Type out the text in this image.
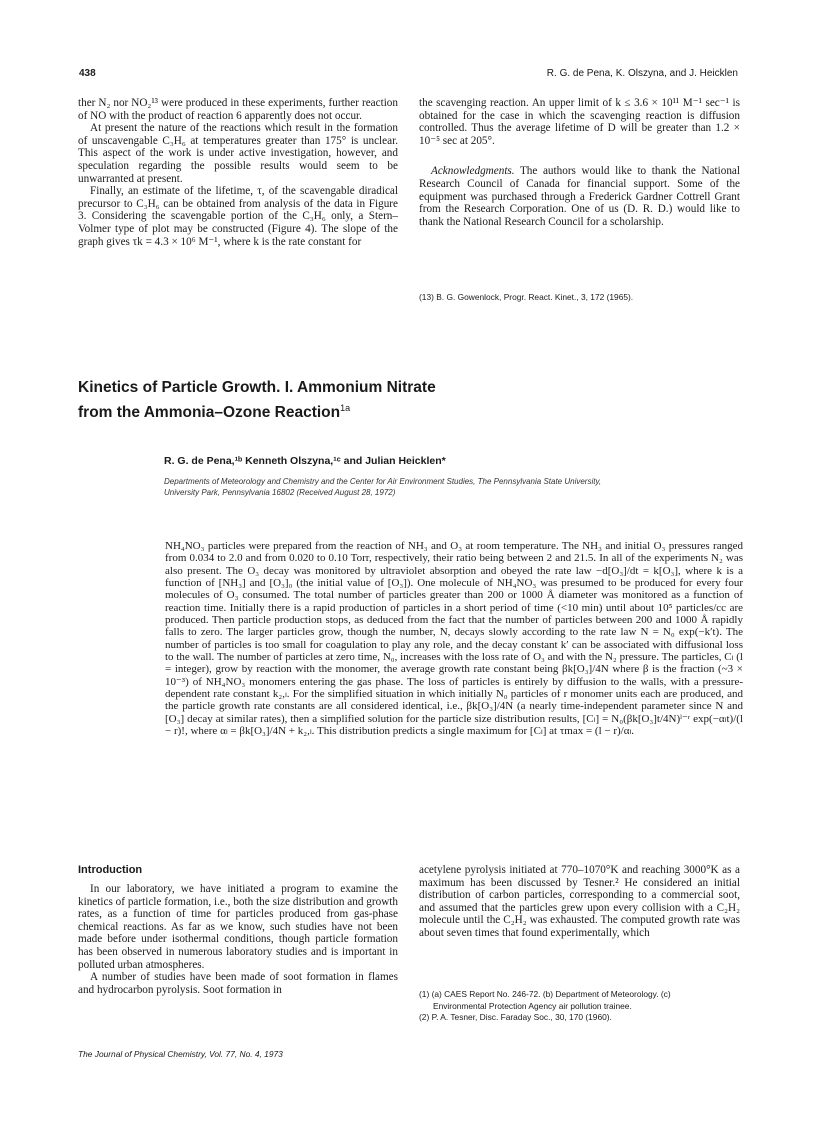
438	R. G. de Pena, K. Olszyna, and J. Heicklen

ther N₂ nor NO₂¹³ were produced in these experiments, further reaction of NO with the product of reaction 6 apparently does not occur.

At present the nature of the reactions which result in the formation of unscavengable C₃H₆ at temperatures greater than 175° is unclear. This aspect of the work is under active investigation, however, and speculation regarding the possible results would seem to be unwarranted at present.

Finally, an estimate of the lifetime, τ, of the scavengable diradical precursor to C₃H₆ can be obtained from analysis of the data in Figure 3. Considering the scavengable portion of the C₃H₆ only, a Stern–Volmer type of plot may be constructed (Figure 4). The slope of the graph gives τk = 4.3 × 10⁶ M⁻¹, where k is the rate constant for

the scavenging reaction. An upper limit of k ≤ 3.6 × 10¹¹ M⁻¹ sec⁻¹ is obtained for the case in which the scavenging reaction is diffusion controlled. Thus the average lifetime of D will be greater than 1.2 × 10⁻⁵ sec at 205°.

Acknowledgments. The authors would like to thank the National Research Council of Canada for financial support. Some of the equipment was purchased through a Frederick Gardner Cottrell Grant from the Research Corporation. One of us (D. R. D.) would like to thank the National Research Council for a scholarship.

(13) B. G. Gowenlock, Progr. React. Kinet., 3, 172 (1965).
Kinetics of Particle Growth. I. Ammonium Nitrate
from the Ammonia–Ozone Reaction$^{1a}$
R. G. de Pena,¹ᵇ Kenneth Olszyna,¹ᶜ and Julian Heicklen*
Departments of Meteorology and Chemistry and the Center for Air Environment Studies, The Pennsylvania State University,
University Park, Pennsylvania 16802 (Received August 28, 1972)

NH₄NO₃ particles were prepared from the reaction of NH₃ and O₃ at room temperature. The NH₃ and initial O₃ pressures ranged from 0.034 to 2.0 and from 0.020 to 0.10 Torr, respectively, their ratio being between 2 and 21.5. In all of the experiments N₂ was also present. The O₃ decay was monitored by ultraviolet absorption and obeyed the rate law −d[O₃]/dt = k[O₃], where k is a function of [NH₃] and [O₃]₀ (the initial value of [O₃]). One molecule of NH₄NO₃ was presumed to be produced for every four molecules of O₃ consumed. The total number of particles greater than 200 or 1000 Å diameter was monitored as a function of reaction time. Initially there is a rapid production of particles in a short period of time (<10 min) until about 10⁵ particles/cc are produced. Then particle production stops, as deduced from the fact that the number of particles between 200 and 1000 Å rapidly falls to zero. The larger particles grow, though the number, N, decays slowly according to the rate law N = N₀ exp(−k′t). The number of particles is too small for coagulation to play any role, and the decay constant k′ can be associated with diffusional loss to the wall. The number of particles at zero time, N₀, increases with the loss rate of O₃ and with the N₂ pressure. The particles, Cₗ (l = integer), grow by reaction with the monomer, the average growth rate constant being βk[O₃]/4N where β is the fraction (~3 × 10⁻³) of NH₄NO₃ monomers entering the gas phase. The loss of particles is entirely by diffusion to the walls, with a pressure-dependent rate constant k₂,ₗ. For the simplified situation in which initially N₀ particles of r monomer units each are produced, and the particle growth rate constants are all considered identical, i.e., βk[O₃]/4N (a nearly time-independent parameter since N and [O₃] decay at similar rates), then a simplified solution for the particle size distribution results, [Cₗ] = N₀(βk[O₃]t/4N)ˡ⁻ʳ exp(−αₗt)/(l − r)!, where αₗ = βk[O₃]/4N + k₂,ₗ. This distribution predicts a single maximum for [Cₗ] at τmax = (l − r)/αₗ.

Introduction

In our laboratory, we have initiated a program to examine the kinetics of particle formation, i.e., both the size distribution and growth rates, as a function of time for particles produced from gas-phase chemical reactions. As far as we know, such studies have not been made before under isothermal conditions, though particle formation has been observed in numerous laboratory studies and is important in polluted urban atmospheres.

A number of studies have been made of soot formation in flames and hydrocarbon pyrolysis. Soot formation in

acetylene pyrolysis initiated at 770–1070°K and reaching 3000°K as a maximum has been discussed by Tesner.² He considered an initial distribution of carbon particles, corresponding to a commercial soot, and assumed that the particles grew upon every collision with a C₂H₂ molecule until the C₂H₂ was exhausted. The computed growth rate was about seven times that found experimentally, which

(1) (a) CAES Report No. 246-72. (b) Department of Meteorology. (c)

Environmental Protection Agency air pollution trainee.

(2) P. A. Tesner, Disc. Faraday Soc., 30, 170 (1960).

The Journal of Physical Chemistry, Vol. 77, No. 4, 1973
